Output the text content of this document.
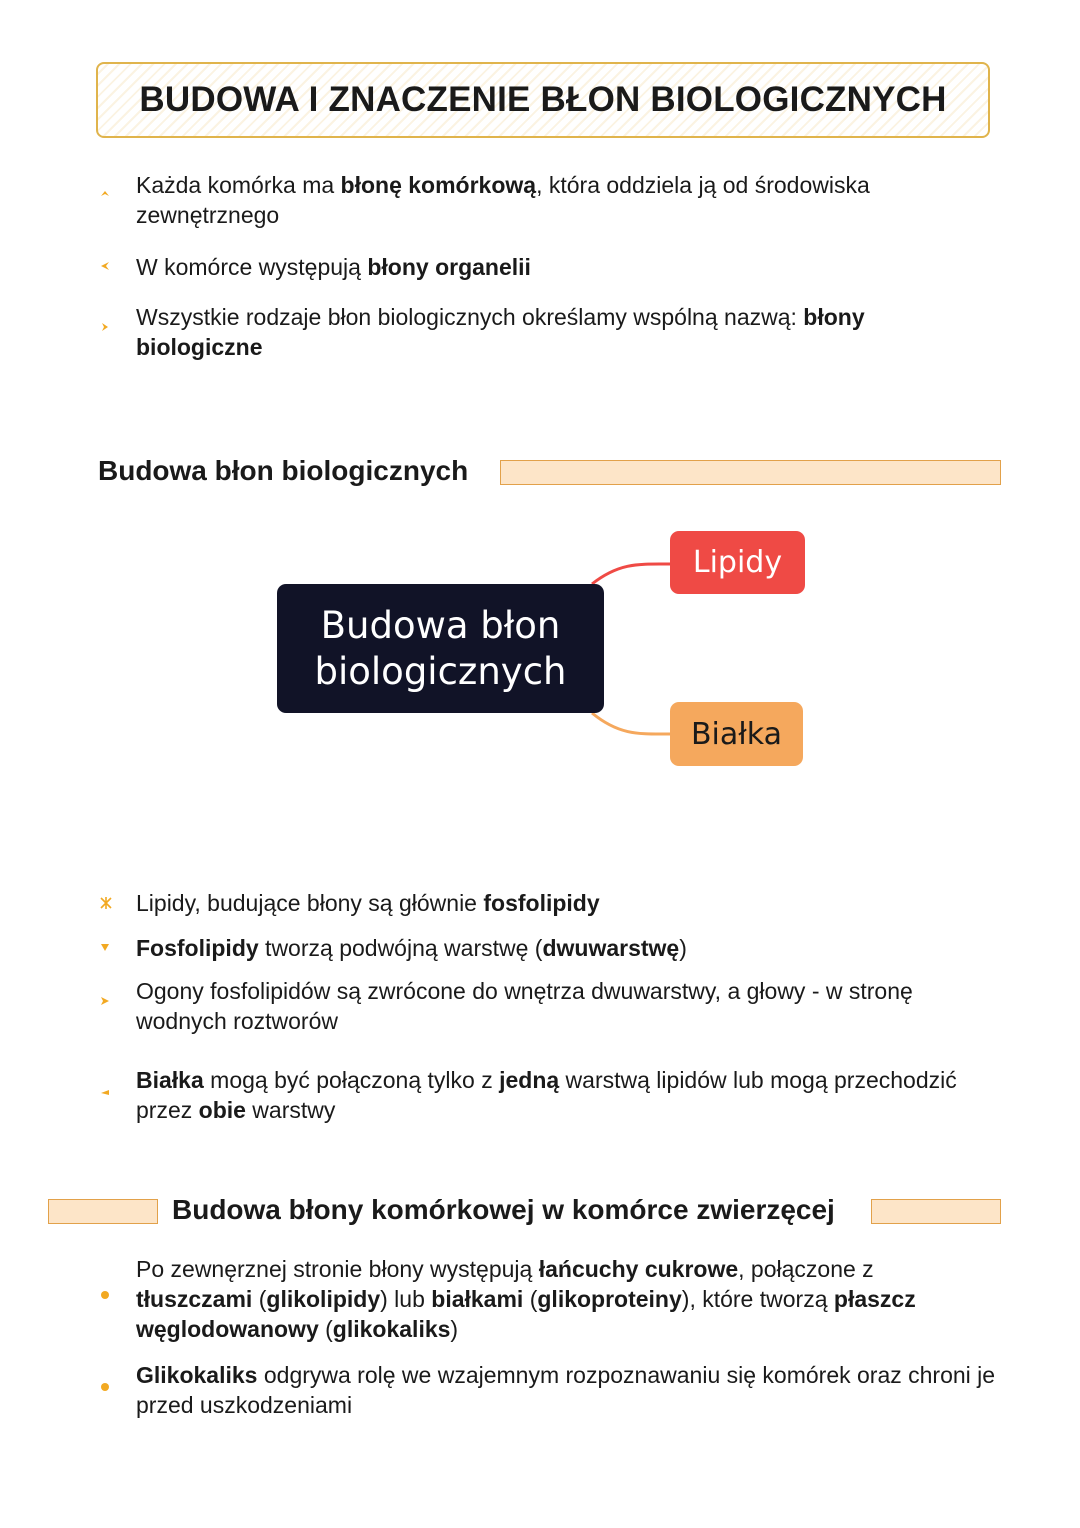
BUDOWA I ZNACZENIE BŁON BIOLOGICZNYCH
Każda komórka ma błonę komórkową, która oddziela ją od środowiska zewnętrznego
W komórce występują błony organelii
Wszystkie rodzaje błon biologicznych określamy wspólną nazwą: błony biologiczne
Budowa błon biologicznych
Budowa błon biologicznych
Lipidy
Białka
Lipidy, budujące błony są głównie fosfolipidy
Fosfolipidy tworzą podwójną warstwę (dwuwarstwę)
Ogony fosfolipidów są zwrócone do wnętrza dwuwarstwy, a głowy - w stronę wodnych roztworów
Białka mogą być połączoną tylko z jedną warstwą lipidów lub mogą przechodzić przez obie warstwy
Budowa błony komórkowej w komórce zwierzęcej
Po zewnęrznej stronie błony występują łańcuchy cukrowe, połączone z tłuszczami (glikolipidy) lub białkami (glikoproteiny), które tworzą płaszcz węglodowanowy (glikokaliks)
Glikokaliks odgrywa rolę we wzajemnym rozpoznawaniu się komórek oraz chroni je przed uszkodzeniami
